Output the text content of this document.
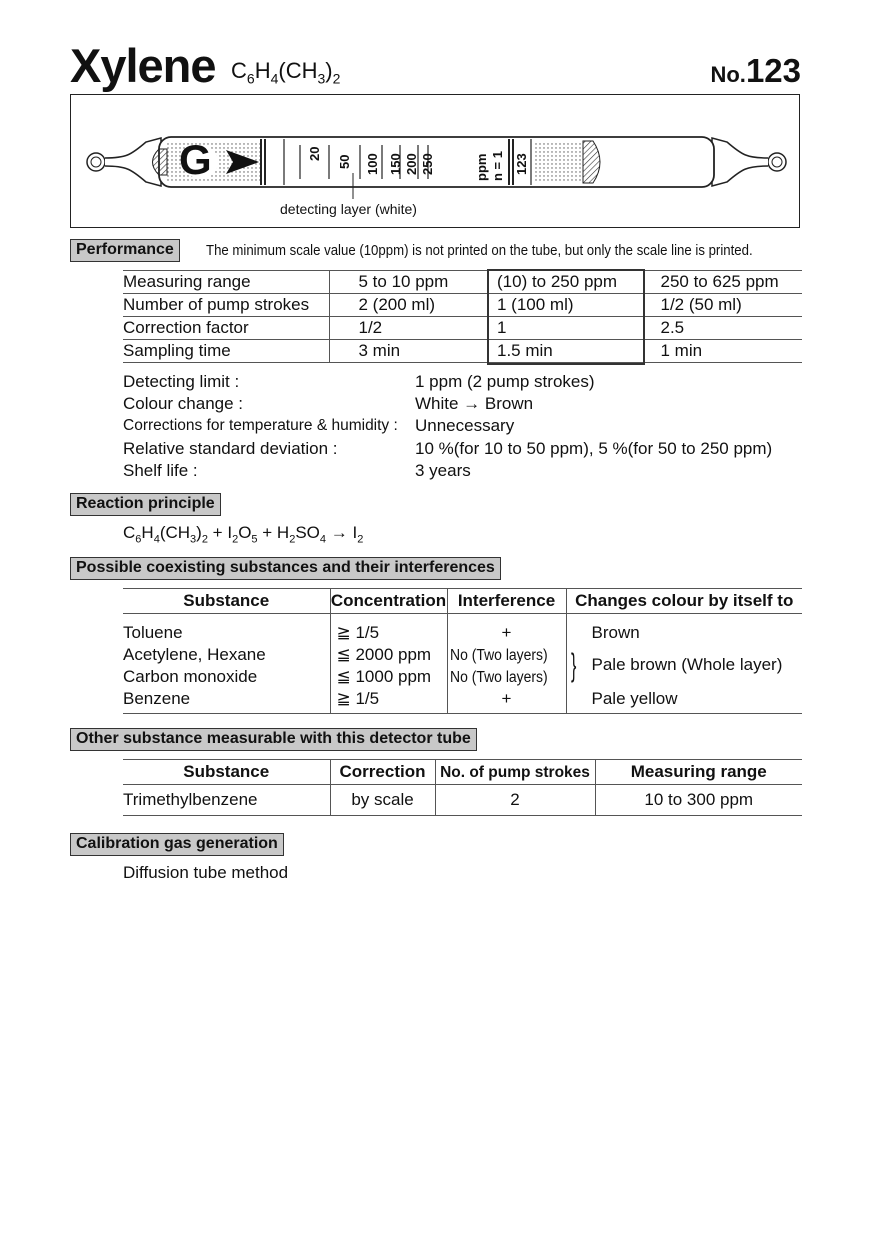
Xylene $C_6H_4(CH_3)_2$	No.123
G	20
50 100 150 200 250	ppm n = 1 123
detecting layer (white)
Performance	The minimum scale value (10ppm) is not printed on the tube, but only the scale line is printed.
Measuring range	5 to 10 ppm	(10) to 250 ppm	250 to 625 ppm
Number of pump strokes	2 (200 ml)	1 (100 ml)	1/2 (50 ml)
Correction factor	1/2	1	2.5
Sampling time	3 min	1.5 min	1 min
Detecting limit :	1 ppm (2 pump strokes)
Colour change :	White → Brown
Corrections for temperature & humidity : Unnecessary
Relative standard deviation :	10 %(for 10 to 50 ppm), 5 %(for 50 to 250 ppm)
Shelf life :	3 years
Reaction principle
$C_6H_4(CH_3)_2 + I_2O_5 + H_2SO_4 \to I_2$
Possible coexisting substances and their interferences
Substance	Concentration	Interference	Changes colour by itself to

Toluene	≧ 1/5	+	Brown
Acetylene, Hexane	≦ 2000 ppm	No (Two layers)	} Pale brown (Whole layer)

Carbon monoxide	≦ 1000 ppm	No (Two layers)	
Benzene	≧ 1/5	+	Pale yellow
Other substance measurable with this detector tube
Substance	Correction	No. of pump strokes	Measuring range
Trimethylbenzene	by scale	2	10 to 300 ppm
Calibration gas generation
Diffusion tube method
